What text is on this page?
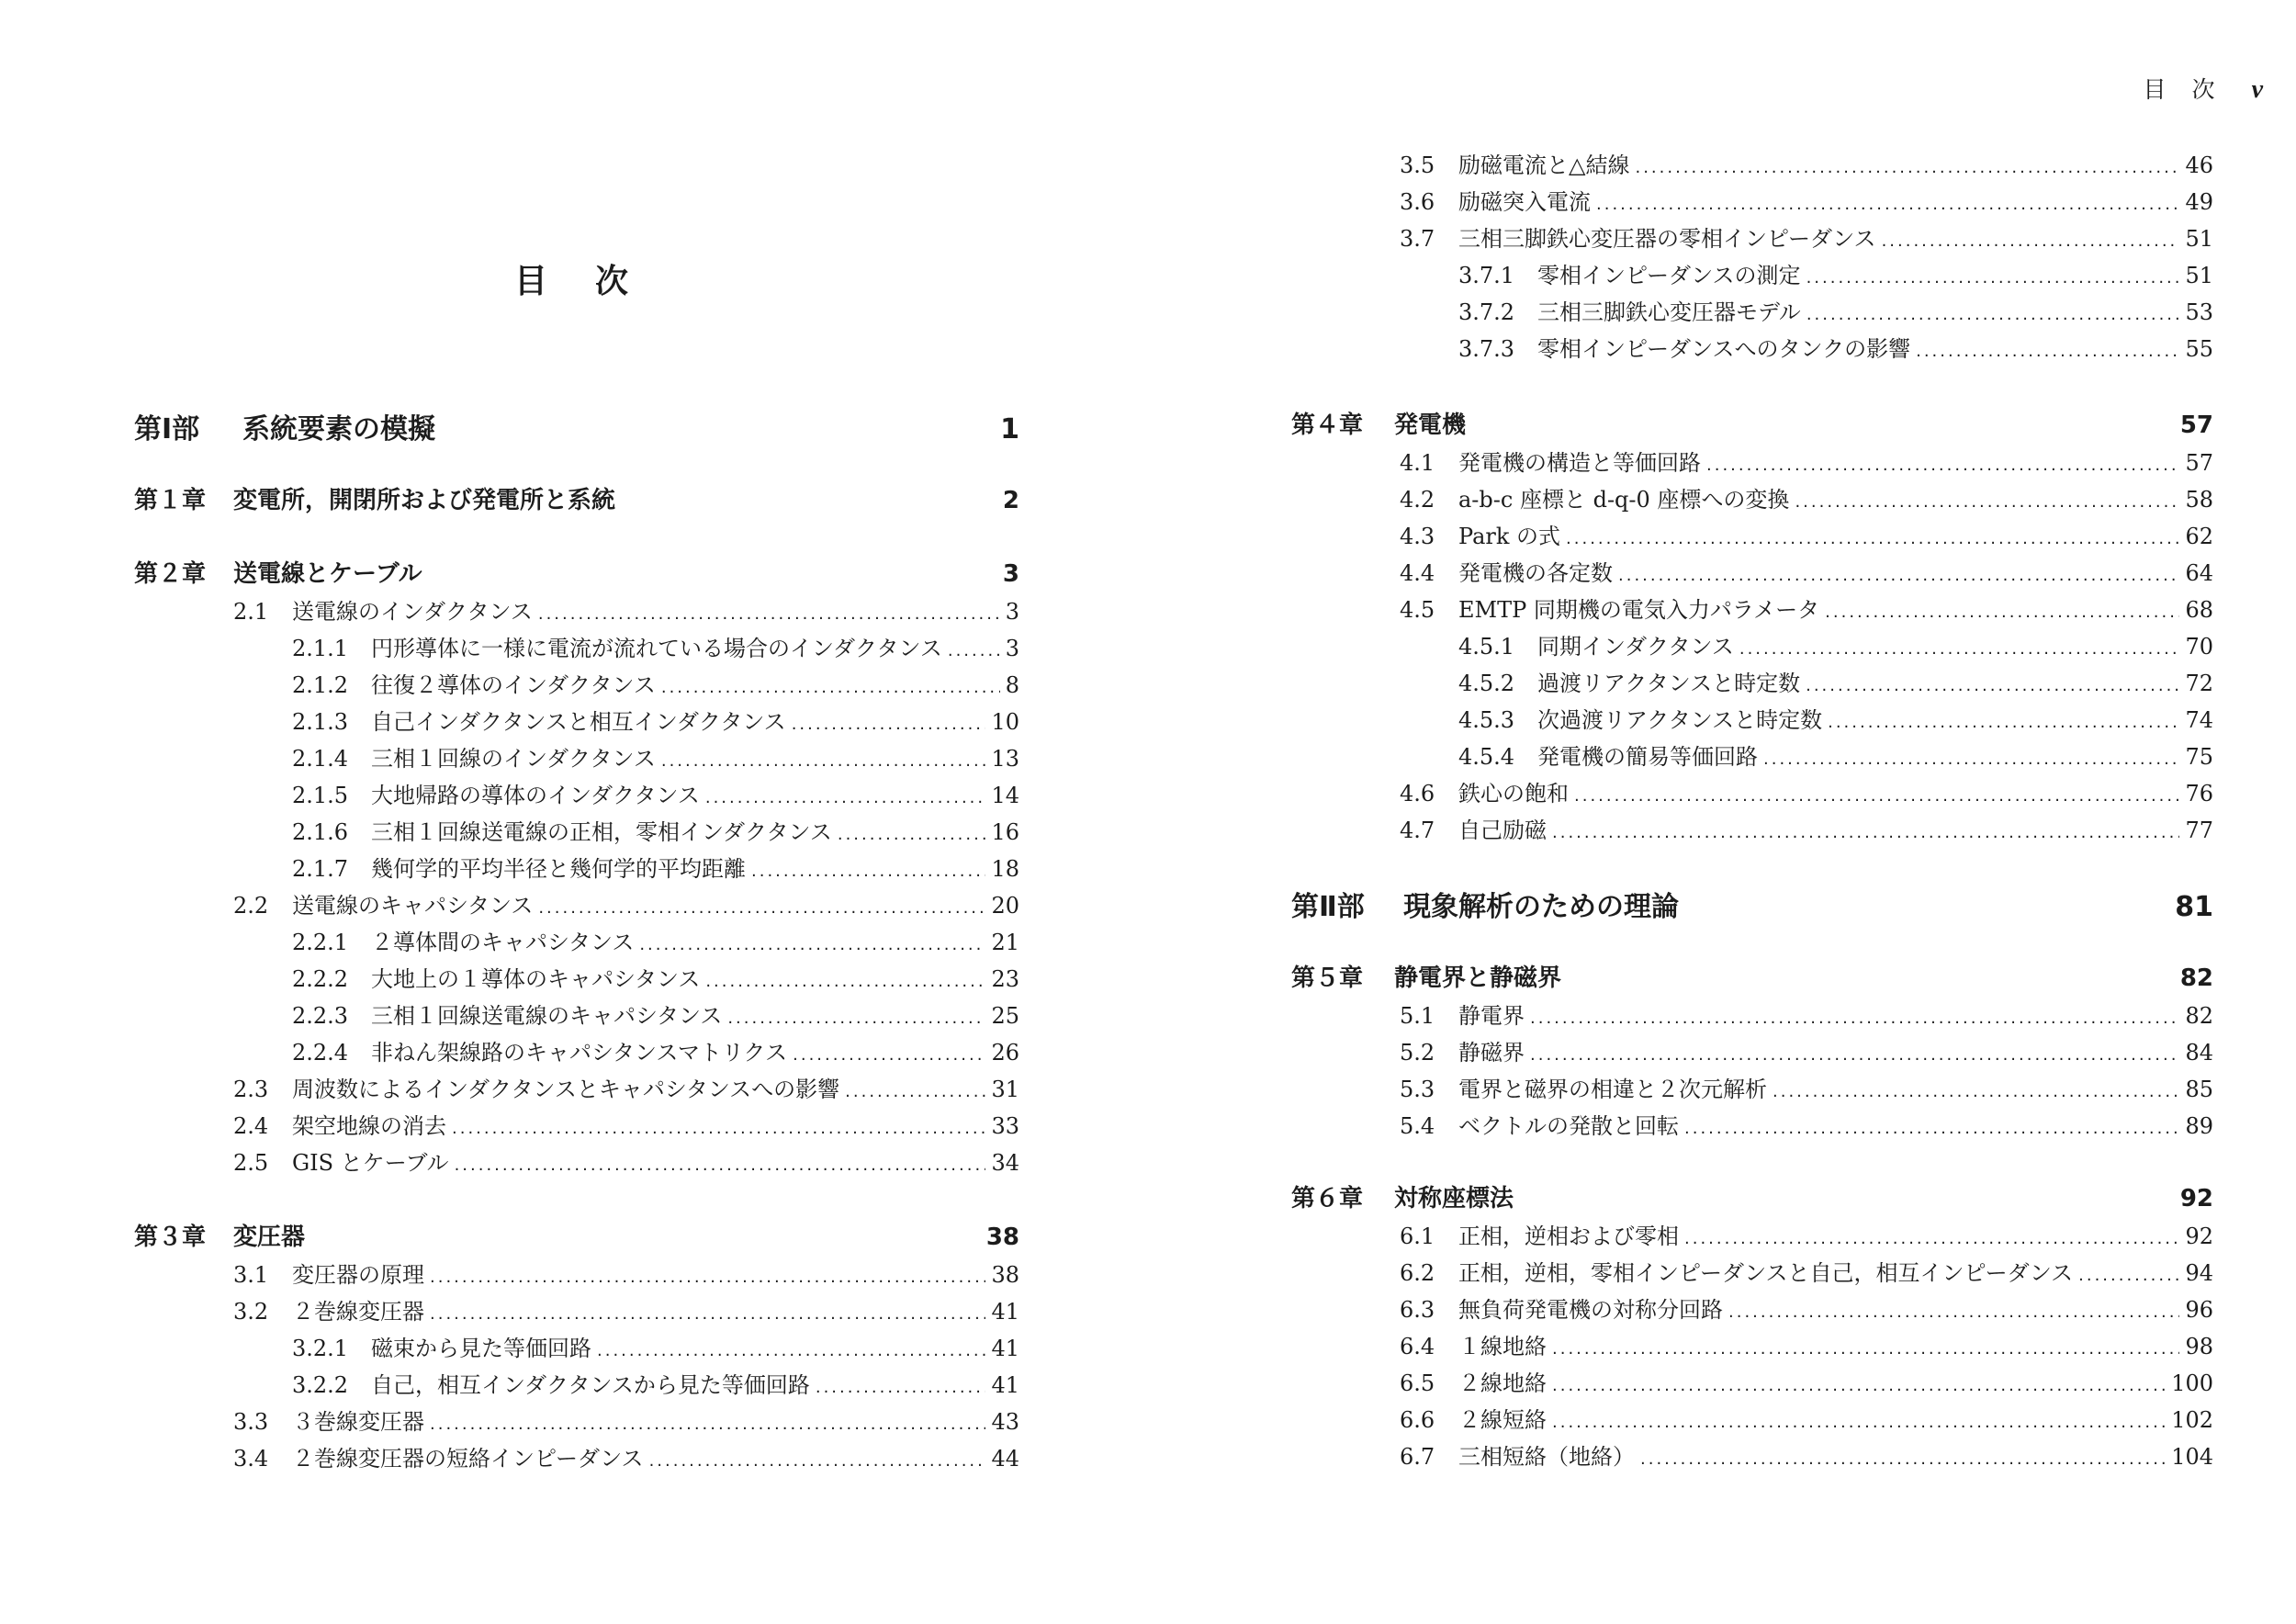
目次
第Ⅰ部	系統要素の模擬	1
第１章	変電所，開閉所および発電所と系統	2
第２章	送電線とケーブル	3
2.1	送電線のインダクタンス .....	3
2.1.1	円形導体に一様に電流が流れている場合のインダクタンス .....	3
2.1.2	往復２導体のインダクタンス .....	8
2.1.3	自己インダクタンスと相互インダクタンス .....	10
2.1.4	三相１回線のインダクタンス .....	13
2.1.5	大地帰路の導体のインダクタンス .....	14
2.1.6	三相１回線送電線の正相，零相インダクタンス .....	16
2.1.7	幾何学的平均半径と幾何学的平均距離 .....	18
2.2	送電線のキャパシタンス .....	20
2.2.1	２導体間のキャパシタンス .....	21
2.2.2	大地上の１導体のキャパシタンス .....	23
2.2.3	三相１回線送電線のキャパシタンス .....	25
2.2.4	非ねん架線路のキャパシタンスマトリクス .....	26
2.3	周波数によるインダクタンスとキャパシタンスへの影響 .....	31
2.4	架空地線の消去 .....	33
2.5	GIS とケーブル .....	34
第３章	変圧器	38
3.1	変圧器の原理 .....	38
3.2	２巻線変圧器 .....	41
3.2.1	磁束から見た等価回路 .....	41
3.2.2	自己，相互インダクタンスから見た等価回路 .....	41
3.3	３巻線変圧器 .....	43
3.4	２巻線変圧器の短絡インピーダンス .....	44
目 次 v
3.5	励磁電流と△結線 .....	46
3.6	励磁突入電流 .....	49
3.7	三相三脚鉄心変圧器の零相インピーダンス .....	51
3.7.1	零相インピーダンスの測定 .....	51
3.7.2	三相三脚鉄心変圧器モデル .....	53
3.7.3	零相インピーダンスへのタンクの影響 .....	55
第４章	発電機	57
4.1	発電機の構造と等価回路 .....	57
4.2	a-b-c 座標と d-q-0 座標への変換 .....	58
4.3	Park の式 .....	62
4.4	発電機の各定数 .....	64
4.5	EMTP 同期機の電気入力パラメータ .....	68
4.5.1	同期インダクタンス .....	70
4.5.2	過渡リアクタンスと時定数 .....	72
4.5.3	次過渡リアクタンスと時定数 .....	74
4.5.4	発電機の簡易等価回路 .....	75
4.6	鉄心の飽和 .....	76
4.7	自己励磁 .....	77
第Ⅱ部	現象解析のための理論	81
第５章	静電界と静磁界	82
5.1	静電界 .....	82
5.2	静磁界 .....	84
5.3	電界と磁界の相違と２次元解析 .....	85
5.4	ベクトルの発散と回転 .....	89
第６章	対称座標法	92
6.1	正相，逆相および零相 .....	92
6.2	正相，逆相，零相インピーダンスと自己，相互インピーダンス .....	94
6.3	無負荷発電機の対称分回路 .....	96
6.4	１線地絡 .....	98
6.5	２線地絡 .....	100
6.6	２線短絡 .....	102
6.7	三相短絡（地絡） .....	104
